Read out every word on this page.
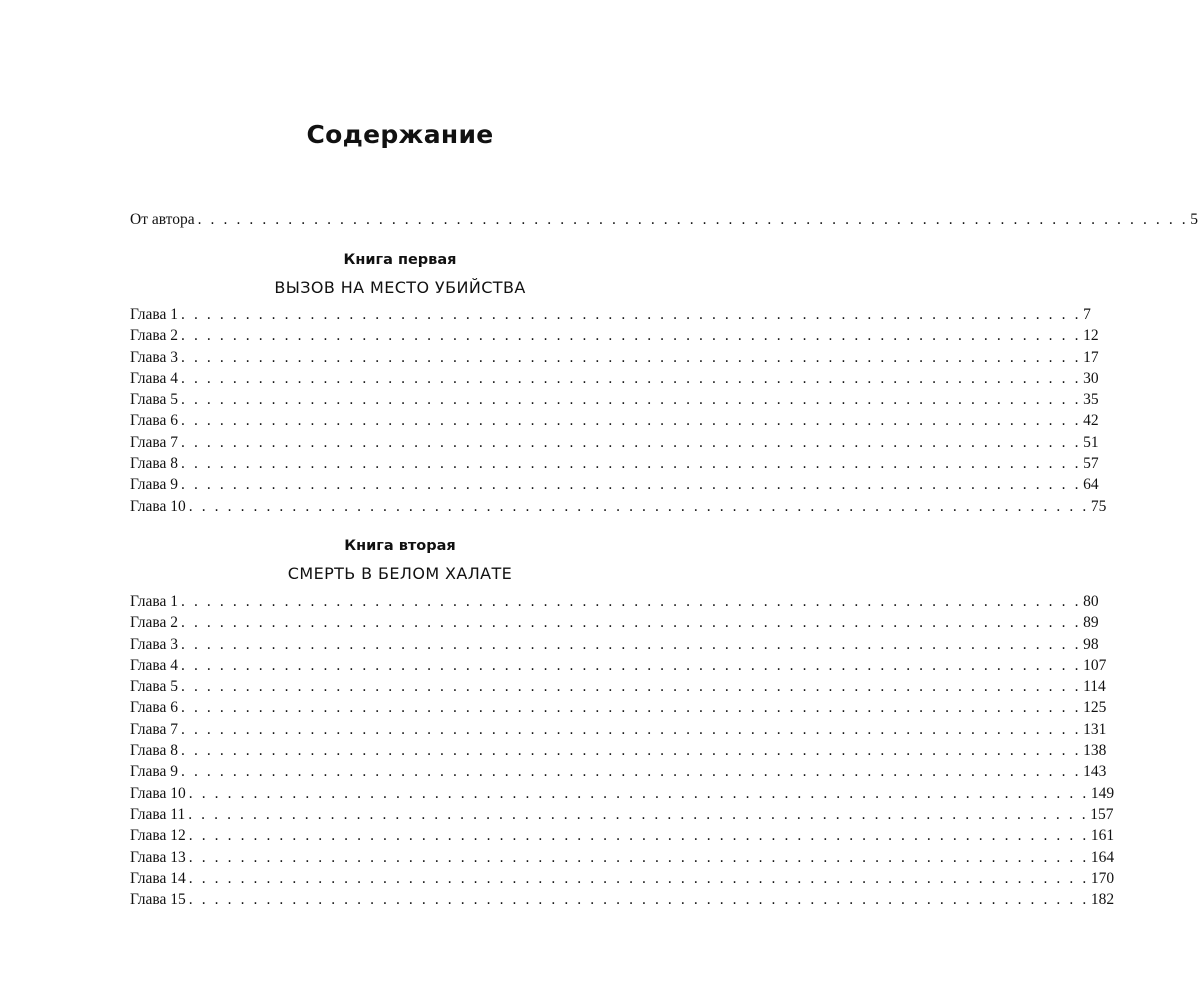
Содержание
От автора . . . . . . . . . . . . . . . . . . . . . . . . . . . . . . . . . . . . . . . . . . . . . . . . . . . . . . . . . . . . . . . . . . . . . . . . . . . . . 5
Книга первая
ВЫЗОВ НА МЕСТО УБИЙСТВА
Глава 1 . . . . . . . . . . . . . . . . . . . . . . . . . . . . . . . . . . . . . . . . . . . . . . . . . . . . . . . . . . . . . . . . . . . . . . 7
Глава 2 . . . . . . . . . . . . . . . . . . . . . . . . . . . . . . . . . . . . . . . . . . . . . . . . . . . . . . . . . . . . . . . . . . . . . . 12
Глава 3 . . . . . . . . . . . . . . . . . . . . . . . . . . . . . . . . . . . . . . . . . . . . . . . . . . . . . . . . . . . . . . . . . . . . . . 17
Глава 4 . . . . . . . . . . . . . . . . . . . . . . . . . . . . . . . . . . . . . . . . . . . . . . . . . . . . . . . . . . . . . . . . . . . . . . 30
Глава 5 . . . . . . . . . . . . . . . . . . . . . . . . . . . . . . . . . . . . . . . . . . . . . . . . . . . . . . . . . . . . . . . . . . . . . . 35
Глава 6 . . . . . . . . . . . . . . . . . . . . . . . . . . . . . . . . . . . . . . . . . . . . . . . . . . . . . . . . . . . . . . . . . . . . . . 42
Глава 7 . . . . . . . . . . . . . . . . . . . . . . . . . . . . . . . . . . . . . . . . . . . . . . . . . . . . . . . . . . . . . . . . . . . . . . 51
Глава 8 . . . . . . . . . . . . . . . . . . . . . . . . . . . . . . . . . . . . . . . . . . . . . . . . . . . . . . . . . . . . . . . . . . . . . . 57
Глава 9 . . . . . . . . . . . . . . . . . . . . . . . . . . . . . . . . . . . . . . . . . . . . . . . . . . . . . . . . . . . . . . . . . . . . . . 64
Глава 10 . . . . . . . . . . . . . . . . . . . . . . . . . . . . . . . . . . . . . . . . . . . . . . . . . . . . . . . . . . . . . . . . . . . . . . 75
Книга вторая
СМЕРТЬ В БЕЛОМ ХАЛАТЕ
Глава 1 . . . . . . . . . . . . . . . . . . . . . . . . . . . . . . . . . . . . . . . . . . . . . . . . . . . . . . . . . . . . . . . . . . . . . . 80
Глава 2 . . . . . . . . . . . . . . . . . . . . . . . . . . . . . . . . . . . . . . . . . . . . . . . . . . . . . . . . . . . . . . . . . . . . . . 89
Глава 3 . . . . . . . . . . . . . . . . . . . . . . . . . . . . . . . . . . . . . . . . . . . . . . . . . . . . . . . . . . . . . . . . . . . . . . 98
Глава 4 . . . . . . . . . . . . . . . . . . . . . . . . . . . . . . . . . . . . . . . . . . . . . . . . . . . . . . . . . . . . . . . . . . . . . . 107
Глава 5 . . . . . . . . . . . . . . . . . . . . . . . . . . . . . . . . . . . . . . . . . . . . . . . . . . . . . . . . . . . . . . . . . . . . . . 114
Глава 6 . . . . . . . . . . . . . . . . . . . . . . . . . . . . . . . . . . . . . . . . . . . . . . . . . . . . . . . . . . . . . . . . . . . . . . 125
Глава 7 . . . . . . . . . . . . . . . . . . . . . . . . . . . . . . . . . . . . . . . . . . . . . . . . . . . . . . . . . . . . . . . . . . . . . . 131
Глава 8 . . . . . . . . . . . . . . . . . . . . . . . . . . . . . . . . . . . . . . . . . . . . . . . . . . . . . . . . . . . . . . . . . . . . . . 138
Глава 9 . . . . . . . . . . . . . . . . . . . . . . . . . . . . . . . . . . . . . . . . . . . . . . . . . . . . . . . . . . . . . . . . . . . . . . 143
Глава 10 . . . . . . . . . . . . . . . . . . . . . . . . . . . . . . . . . . . . . . . . . . . . . . . . . . . . . . . . . . . . . . . . . . . . . . 149
Глава 11 . . . . . . . . . . . . . . . . . . . . . . . . . . . . . . . . . . . . . . . . . . . . . . . . . . . . . . . . . . . . . . . . . . . . . . 157
Глава 12 . . . . . . . . . . . . . . . . . . . . . . . . . . . . . . . . . . . . . . . . . . . . . . . . . . . . . . . . . . . . . . . . . . . . . . 161
Глава 13 . . . . . . . . . . . . . . . . . . . . . . . . . . . . . . . . . . . . . . . . . . . . . . . . . . . . . . . . . . . . . . . . . . . . . . 164
Глава 14 . . . . . . . . . . . . . . . . . . . . . . . . . . . . . . . . . . . . . . . . . . . . . . . . . . . . . . . . . . . . . . . . . . . . . . 170
Глава 15 . . . . . . . . . . . . . . . . . . . . . . . . . . . . . . . . . . . . . . . . . . . . . . . . . . . . . . . . . . . . . . . . . . . . . . 182
